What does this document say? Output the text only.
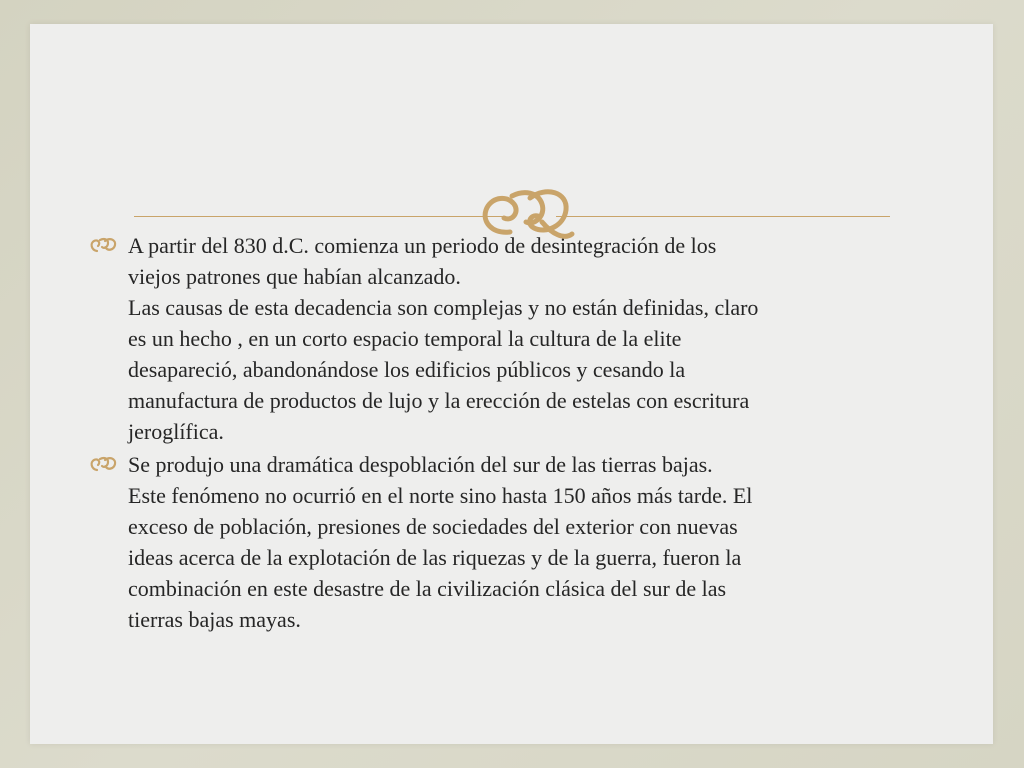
A partir del 830 d.C. comienza un periodo de desintegración de los
viejos patrones que habían alcanzado.
Las causas de esta decadencia son complejas y no están definidas, claro
es un hecho , en un corto espacio temporal la cultura de la elite
desapareció, abandonándose los edificios públicos y cesando la
manufactura de productos de lujo y la erección de estelas con escritura
jeroglífica.
Se produjo una dramática despoblación del sur de las tierras bajas.
Este fenómeno no ocurrió en el norte sino hasta 150 años más tarde. El
exceso de población, presiones de sociedades del exterior con nuevas
ideas acerca de la explotación de las riquezas y de la guerra, fueron la
combinación en este desastre de la civilización clásica del sur de las
tierras bajas mayas.
